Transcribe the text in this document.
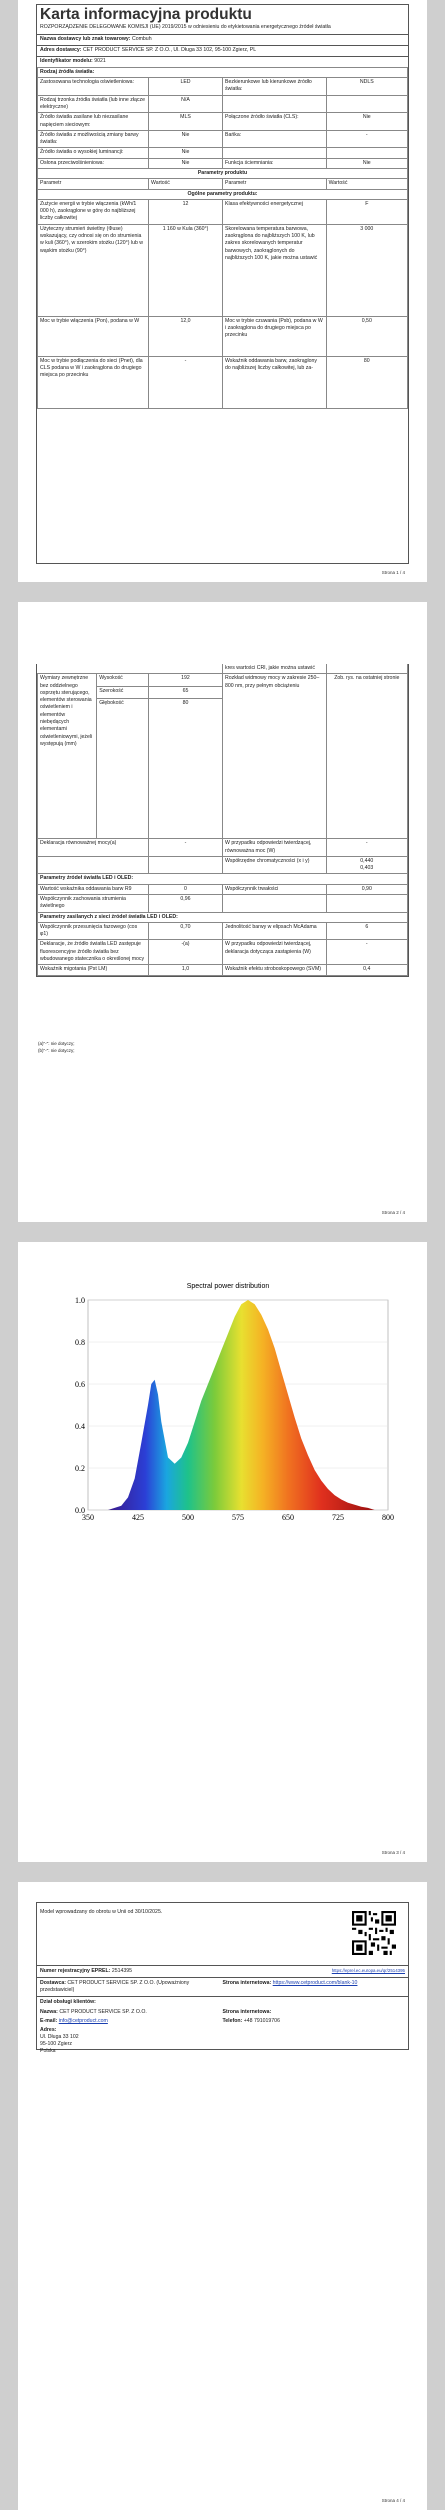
Karta informacyjna produktu
ROZPORZĄDZENIE DELEGOWANE KOMISJI (UE) 2019/2015 w odniesieniu do etykietowania energetycznego źródeł światła
Nazwa dostawcy lub znak towarowy: Combuh
Adres dostawcy: CET PRODUCT SERVICE SP. Z O.O., Ul. Długa 33 102, 95-100 Zgierz, PL
Identyfikator modelu: 9021
Rodzaj źródła światła:			
Zastosowana technologia oświetleniowa:	LED	Bezkierunkowe lub kierunkowe źródło światła:	NDLS
Rodzaj trzonka źródła światła (lub inne złącze elektryczne)	N/A		
Źródło światła zasilane lub niezasilane napięciem sieciowym:	MLS	Połączone źródło światła (CLS):	Nie
Źródło światła z możliwością zmiany barwy światła:	Nie	Bańka:	-
Źródło światła o wysokiej luminancji:	Nie		
Osłona przeciwolśnieniowa:	Nie	Funkcja ściemniania:	Nie
Parametry produktu			
Parametr	Wartość	Parametr	Wartość
Ogólne parametry produktu:			
Zużycie energii w trybie włączenia (kWh/1 000 h), zaokrąglone w górę do najbliższej liczby całkowitej	12	Klasa efektywności energetycznej	F
Użyteczny strumień świetlny (Φuse) wskazujący, czy odnosi się on do strumienia w kuli (360°), w szerokim stożku (120°) lub w wąskim stożku (90°)	1 160 w Kula (360°)	Skorelowana temperatura barwowa, zaokrąglona do najbliższych 100 K, lub zakres skorelowanych temperatur barwowych, zaokrąglonych do najbliższych 100 K, jakie można ustawić	3 000
Moc w trybie włączenia (Pon), podana w W	12,0	Moc w trybie czuwania (Psb), podana w W i zaokrąglona do drugiego miejsca po przecinku	0,50
Moc w trybie podłączenia do sieci (Pnet), dla CLS podana w W i zaokrąglona do drugiego miejsca po przecinku	-	Wskaźnik oddawania barw, zaokrąglony do najbliższej liczby całkowitej, lub za-	80
Strona 1 / 4
			kres wartości CRI, jakie można ustawić	
Wymiary zewnętrzne bez oddzielnego osprzętu sterującego, elementów sterowania oświetleniem i elementów niebędących elementami oświetleniowymi, jeżeli występują (mm)	Wysokość	192	Rozkład widmowy mocy w zakresie 250–800 nm, przy pełnym obciążeniu	Zob. rys. na ostatniej stronie
	Szerokość	65		
	Głębokość	80		
Deklaracja równoważnej mocy(a)		-	W przypadku odpowiedzi twierdzącej, równoważna moc (W)	-
			Współrzędne chromatyczności (x i y)	0,440
0,403
Parametry źródeł światła LED i OLED:				
Wartość wskaźnika oddawania barw R9		0	Współczynnik trwałości	0,90
Współczynnik zachowania strumienia świetlnego		0,96		
Parametry zasilanych z sieci źródeł światła LED i OLED:				
Współczynnik przesunięcia fazowego (cos φ1)		0,70	Jednolitość barwy w elipsach McAdama	6
Deklaracje, że źródło światła LED zastępuje fluorescencyjne źródło światła bez wbudowanego statecznika o określonej mocy		-(a)	W przypadku odpowiedzi twierdzącej, deklaracja dotycząca zastąpienia (W)	-
Wskaźnik migotania (Pst LM)		1,0	Wskaźnik efektu stroboskopowego (SVM)	0,4
(a)"-": nie dotyczy;
(b)"-": nie dotyczy;
Strona 2 / 4
Spectral power distribution
350	425	500	575	650	725	800
0.0
0.2
0.4
0.6
0.8
1.0
Strona 3 / 4
Model wprowadzany do obrotu w Unii od 30/10/2025.
Numer rejestracyjny EPREL: 2514395	https://eprel.ec.europa.eu/qr/2514395
Dostawca: CET PRODUCT SERVICE SP. Z O.O. (Upoważniony przedstawiciel)
Strona internetowa: https://www.cetproduct.com/blank-10
Dział obsługi klientów:
Nazwa: CET PRODUCT SERVICE SP. Z O.O.	Strona internetowa:
E-mail: info@cetproduct.com	Telefon: +48 791019706
Adres:
Ul. Długa 33 102
95-100 Zgierz
Polska
Strona 4 / 4
